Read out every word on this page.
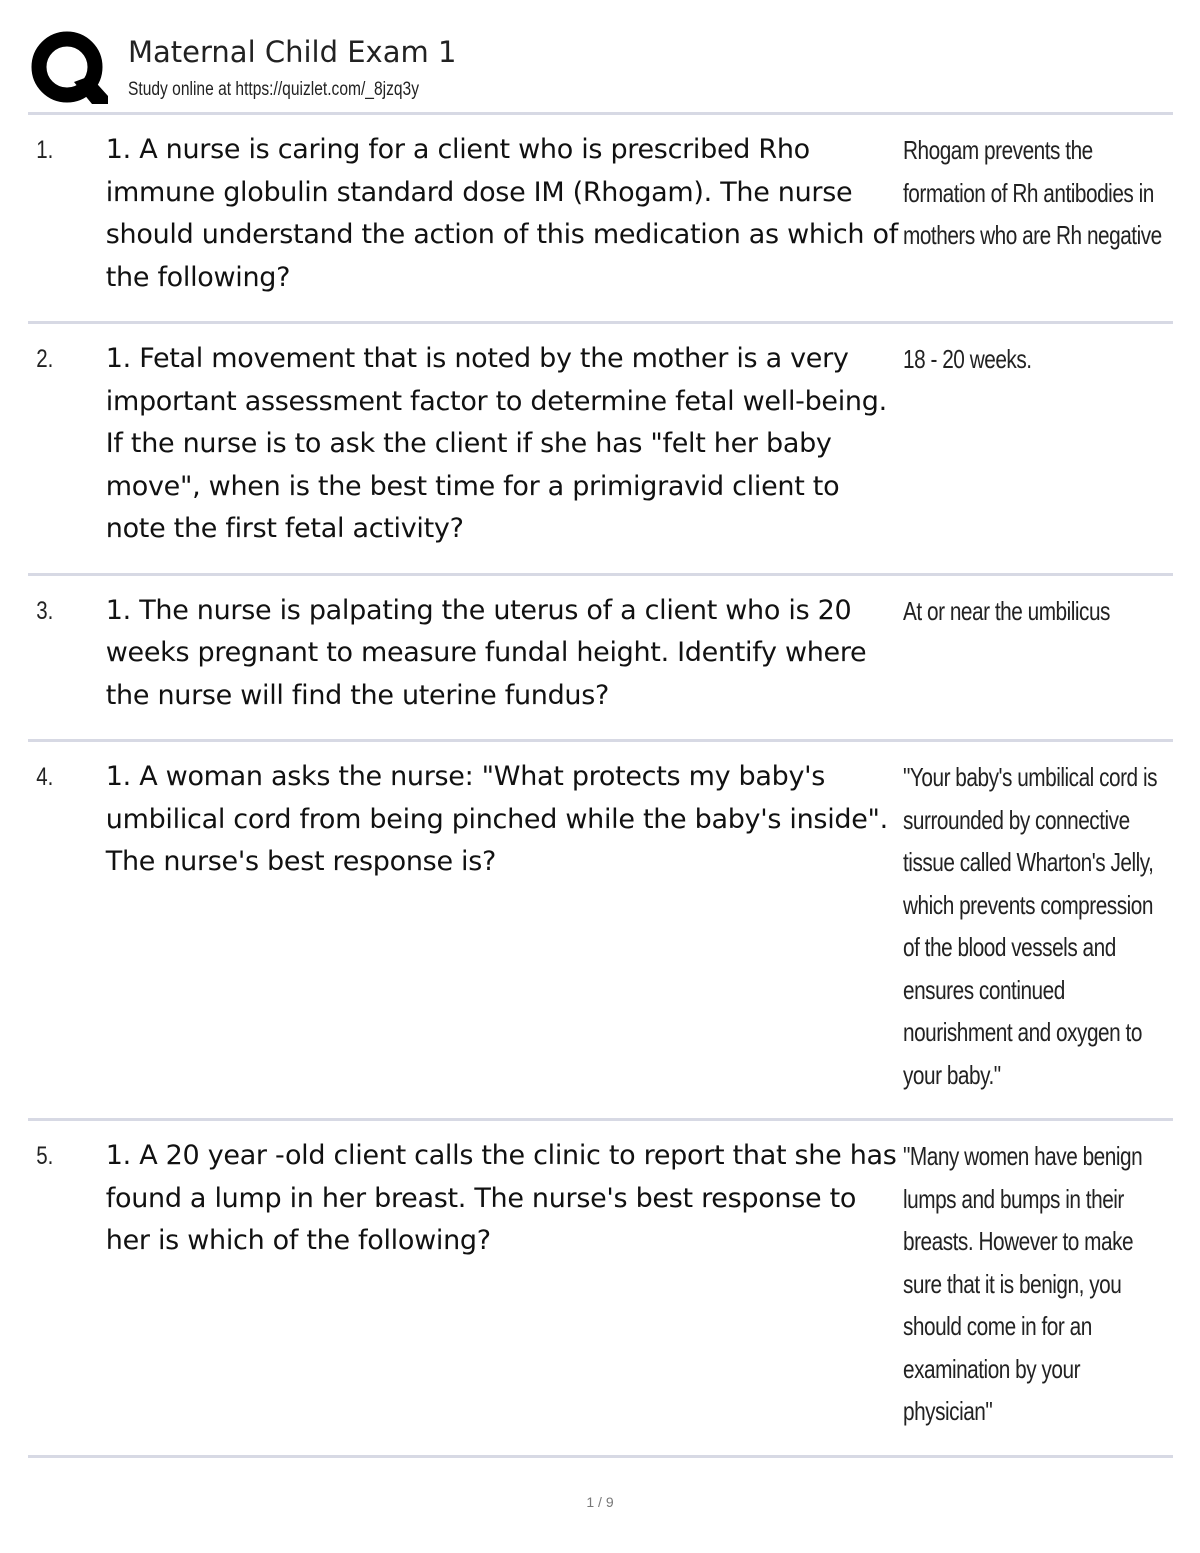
Maternal Child Exam 1
Study online at https://quizlet.com/_8jzq3y
1.	1. A nurse is caring for a client who is prescribed Rho immune globulin standard dose IM (Rhogam). The nurse should understand the action of this medication as which of the following?
Rhogam prevents the formation of Rh antibodies in mothers who are Rh negative
2.	1. Fetal movement that is noted by the mother is a very important assessment factor to determine fetal well-being. If the nurse is to ask the client if she has "felt her baby move", when is the best time for a primigravid client to note the first fetal activity?
18 - 20 weeks.
3.	1. The nurse is palpating the uterus of a client who is 20 weeks pregnant to measure fundal height. Identify where the nurse will find the uterine fundus?
At or near the umbilicus
4.	1. A woman asks the nurse: "What protects my baby's umbilical cord from being pinched while the baby's inside". The nurse's best response is?
"Your baby's umbilical cord is surrounded by connective tissue called Wharton's Jelly, which prevents compression of the blood vessels and ensures continued nourishment and oxygen to your baby."
5.	1. A 20 year -old client calls the clinic to report that she has found a lump in her breast. The nurse's best response to her is which of the following?
"Many women have benign lumps and bumps in their breasts. However to make sure that it is benign, you should come in for an examination by your physician"
1 / 9
